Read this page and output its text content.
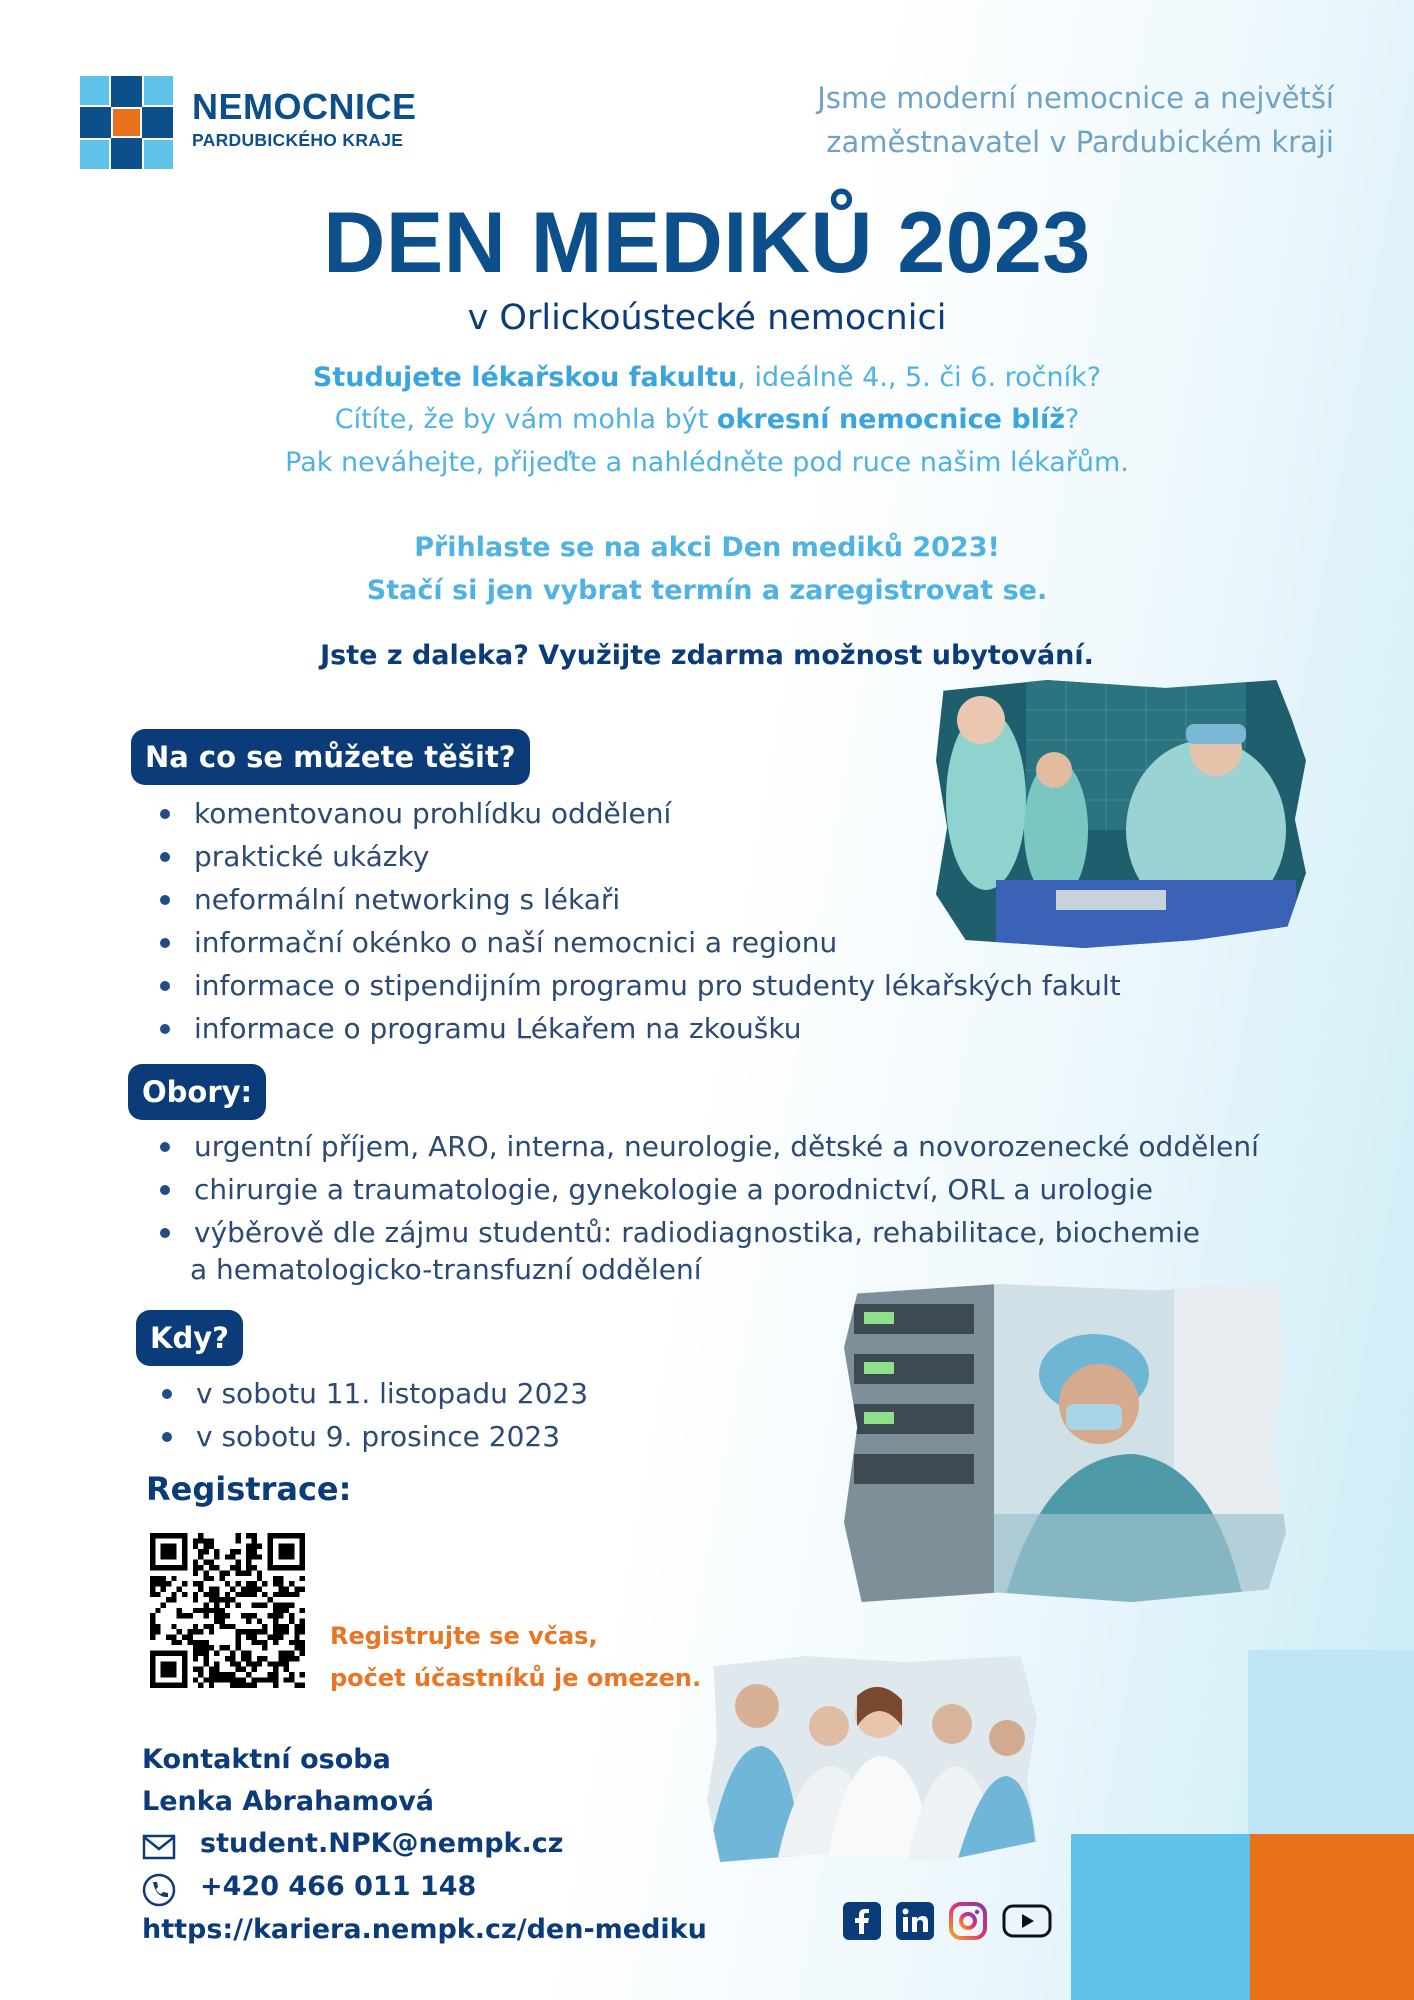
NEMOCNICE
PARDUBICKÉHO KRAJE
Jsme moderní nemocnice a největší
zaměstnavatel v Pardubickém kraji
DEN MEDIKŮ 2023
v Orlickoústecké nemocnici
Studujete lékařskou fakultu, ideálně 4., 5. či 6. ročník?
Cítíte, že by vám mohla být okresní nemocnice blíž?
Pak neváhejte, přijeďte a nahlédněte pod ruce našim lékařům.
Přihlaste se na akci Den mediků 2023!
Stačí si jen vybrat termín a zaregistrovat se.
Jste z daleka? Využijte zdarma možnost ubytování.
Na co se můžete těšit?
komentovanou prohlídku oddělení
praktické ukázky
neformální networking s lékaři
informační okénko o naší nemocnici a regionu
informace o stipendijním programu pro studenty lékařských fakult
informace o programu Lékařem na zkoušku
Obory:
urgentní příjem, ARO, interna, neurologie, dětské a novorozenecké oddělení
chirurgie a traumatologie, gynekologie a porodnictví, ORL a urologie
výběrově dle zájmu studentů: radiodiagnostika, rehabilitace, biochemie
a hematologicko-transfuzní oddělení
Kdy?
v sobotu 11. listopadu 2023
v sobotu 9. prosince 2023
Registrace:
Registrujte se včas,
počet účastníků je omezen.
Kontaktní osoba
Lenka Abrahamová
student.NPK@nempk.cz
+420 466 011 148
https://kariera.nempk.cz/den-mediku
